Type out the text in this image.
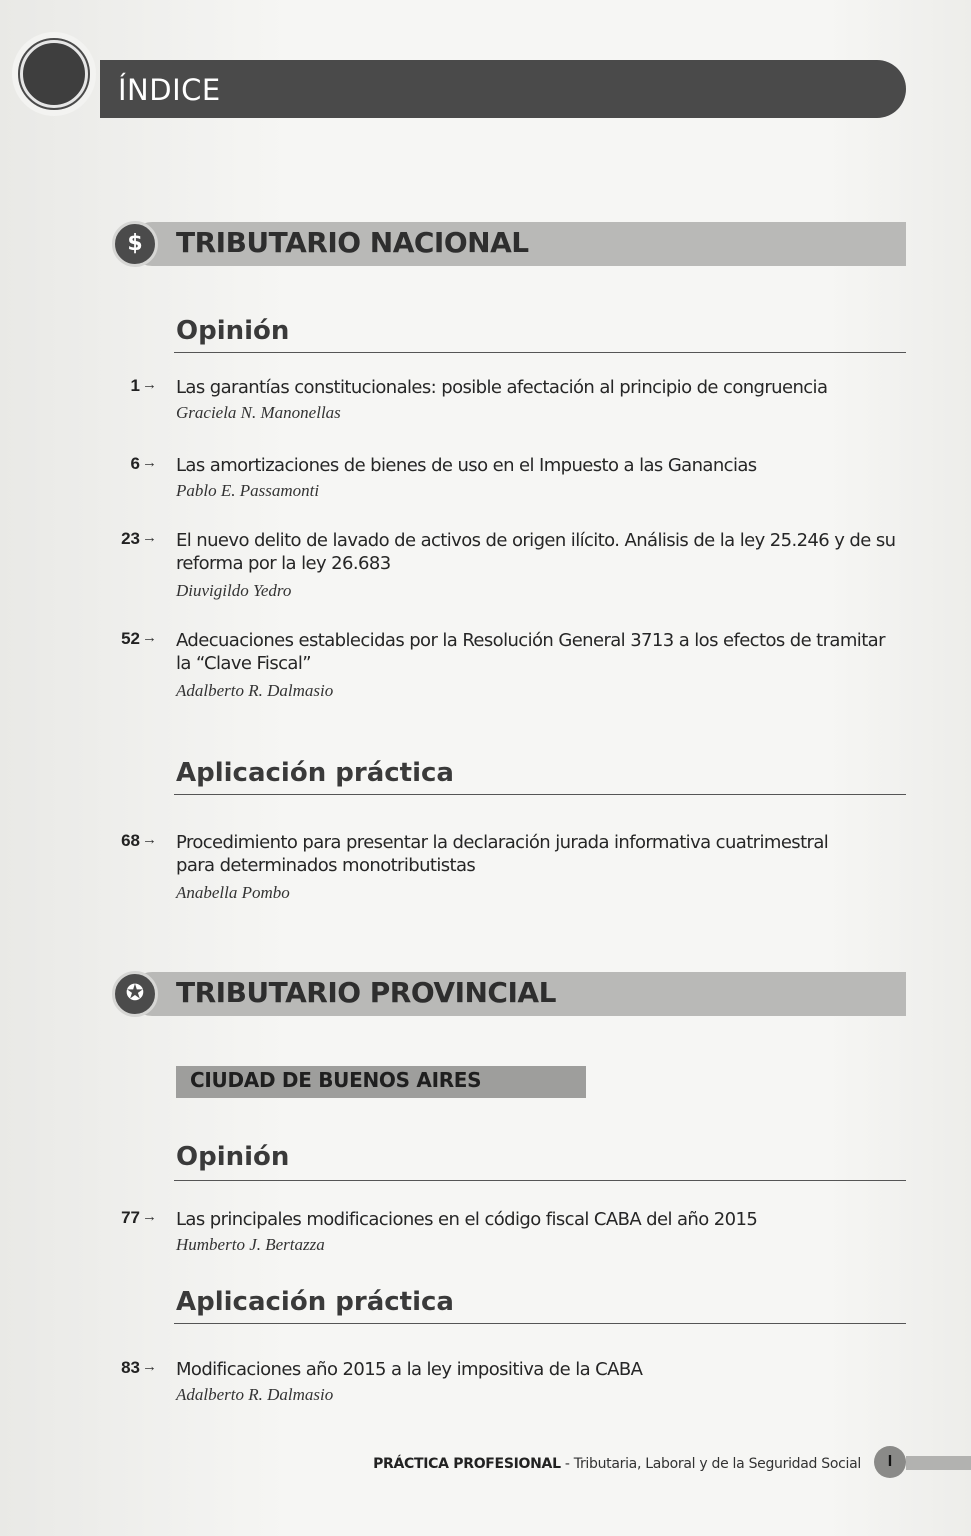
ÍNDICE
$	TRIBUTARIO NACIONAL
Opinión
1 → Las garantías constitucionales: posible afectación al principio de congruencia
Graciela N. Manonellas
6 → Las amortizaciones de bienes de uso en el Impuesto a las Ganancias
Pablo E. Passamonti
23 → El nuevo delito de lavado de activos de origen ilícito. Análisis de la ley 25.246 y de su reforma por la ley 26.683
Diuvigildo Yedro
52 → Adecuaciones establecidas por la Resolución General 3713 a los efectos de tramitar la “Clave Fiscal”
Adalberto R. Dalmasio
Aplicación práctica
68 → Procedimiento para presentar la declaración jurada informativa cuatrimestral para determinados monotributistas
Anabella Pombo
✪	TRIBUTARIO PROVINCIAL
CIUDAD DE BUENOS AIRES
Opinión
77 → Las principales modificaciones en el código fiscal CABA del año 2015
Humberto J. Bertazza
Aplicación práctica
83 → Modificaciones año 2015 a la ley impositiva de la CABA
Adalberto R. Dalmasio
PRÁCTICA PROFESIONAL - Tributaria, Laboral y de la Seguridad Social	I
